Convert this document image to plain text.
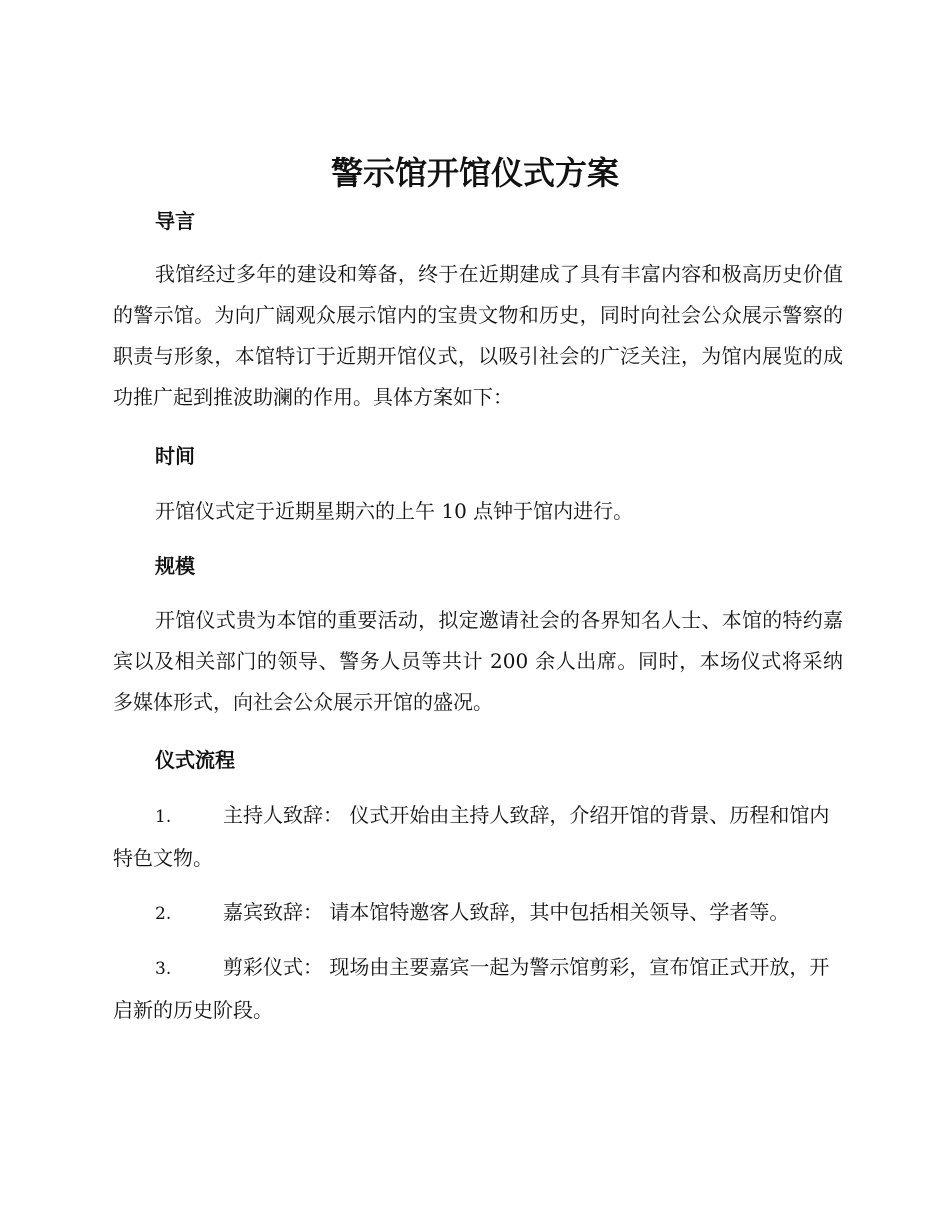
警示馆开馆仪式方案
导言

我馆经过多年的建设和筹备，终于在近期建成了具有丰富内容和极高历史价值的警示馆。为向广阔观众展示馆内的宝贵文物和历史，同时向社会公众展示警察的职责与形象，本馆特订于近期开馆仪式，以吸引社会的广泛关注，为馆内展览的成功推广起到推波助澜的作用。具体方案如下：

时间

开馆仪式定于近期星期六的上午 10 点钟于馆内进行。

规模

开馆仪式贵为本馆的重要活动，拟定邀请社会的各界知名人士、本馆的特约嘉宾以及相关部门的领导、警务人员等共计 200 余人出席。同时，本场仪式将采纳多媒体形式，向社会公众展示开馆的盛况。

仪式流程

1.	主持人致辞： 仪式开始由主持人致辞，介绍开馆的背景、历程和馆内特色文物。

2.	嘉宾致辞： 请本馆特邀客人致辞，其中包括相关领导、学者等。

3.	剪彩仪式： 现场由主要嘉宾一起为警示馆剪彩，宣布馆正式开放，开启新的历史阶段。
